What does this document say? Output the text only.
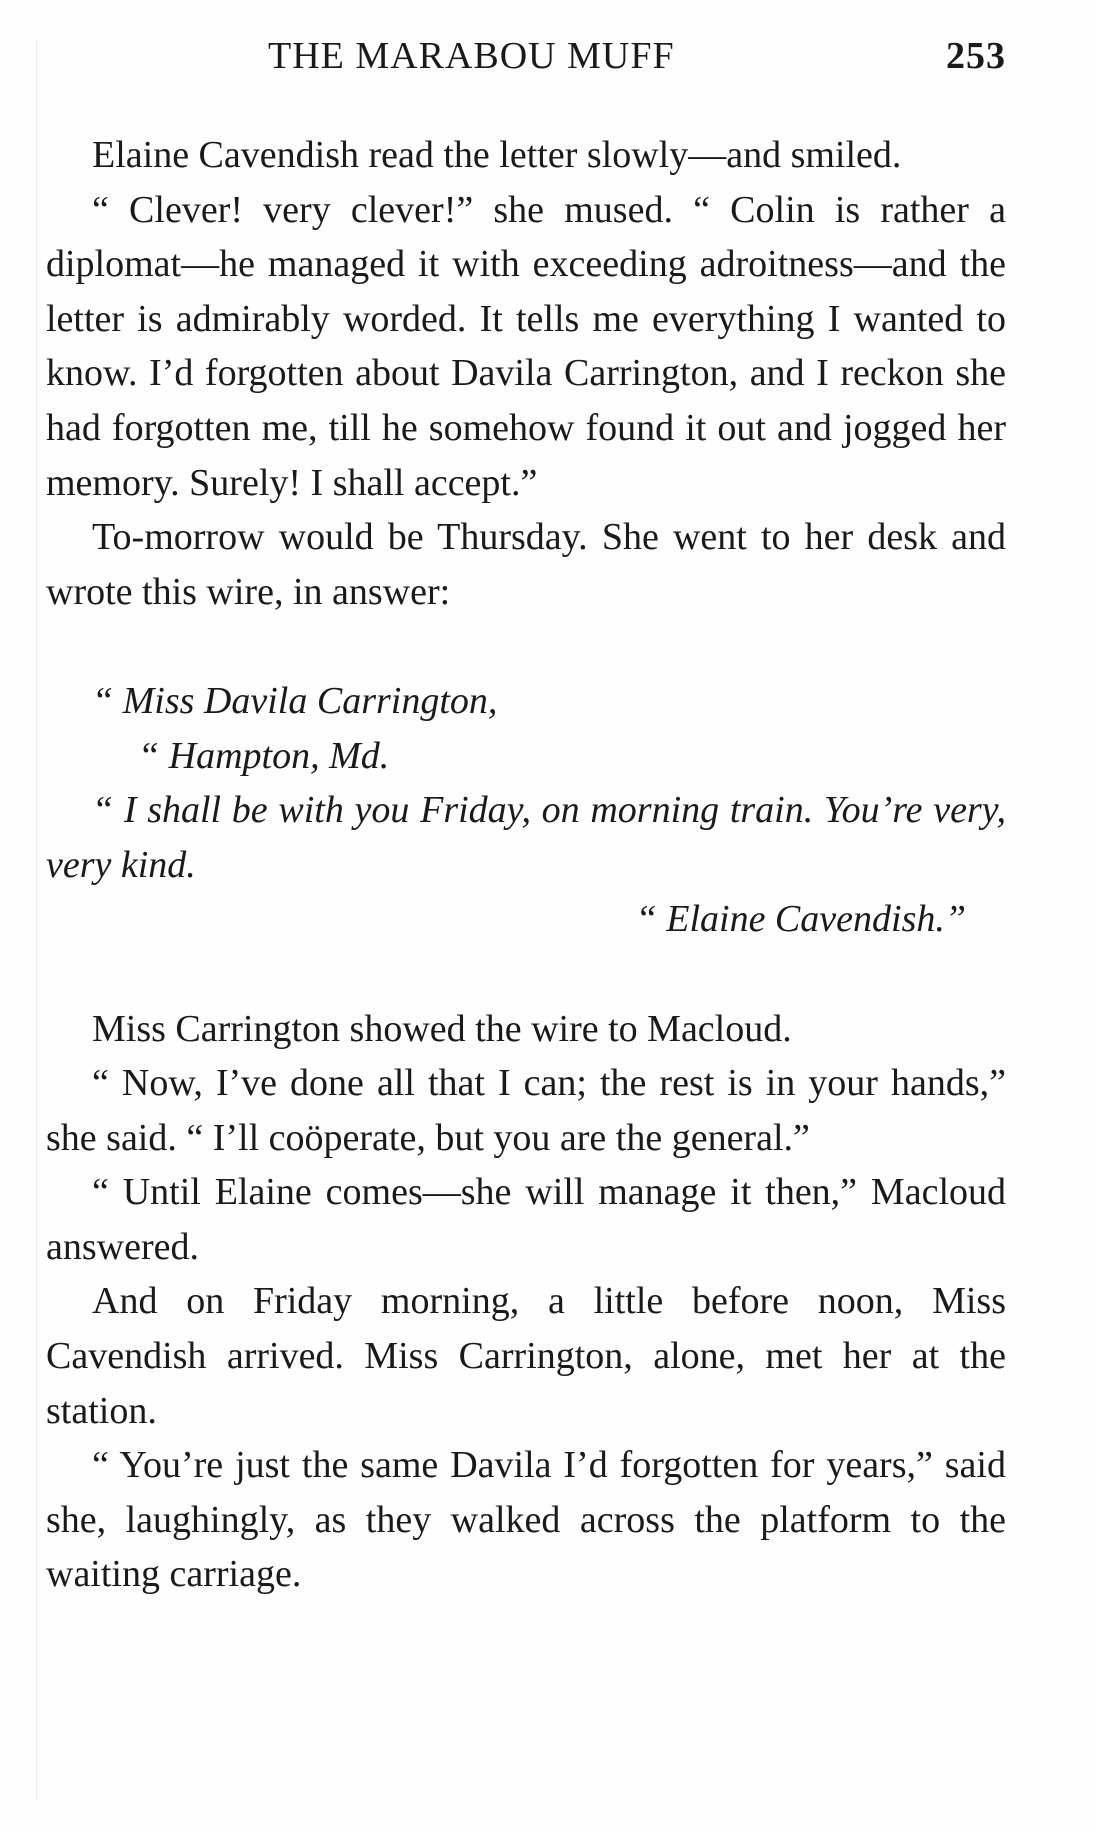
THE MARABOU MUFF	253

Elaine Cavendish read the letter slowly—and smiled.

“ Clever! very clever!” she mused. “ Colin is rather a diplomat—he managed it with exceeding adroitness—and the letter is admirably worded. It tells me everything I wanted to know. I’d forgotten about Davila Carrington, and I reckon she had forgotten me, till he somehow found it out and jogged her memory. Surely! I shall accept.”

To-morrow would be Thursday. She went to her desk and wrote this wire, in answer:

“ Miss Davila Carrington,
“ Hampton, Md.
“ I shall be with you Friday, on morning train. You’re very, very kind.
“ Elaine Cavendish.”

Miss Carrington showed the wire to Macloud.

“ Now, I’ve done all that I can; the rest is in your hands,” she said. “ I’ll coöperate, but you are the general.”

“ Until Elaine comes—she will manage it then,” Macloud answered.

And on Friday morning, a little before noon, Miss Cavendish arrived. Miss Carrington, alone, met her at the station.

“ You’re just the same Davila I’d forgotten for years,” said she, laughingly, as they walked across the platform to the waiting carriage.
